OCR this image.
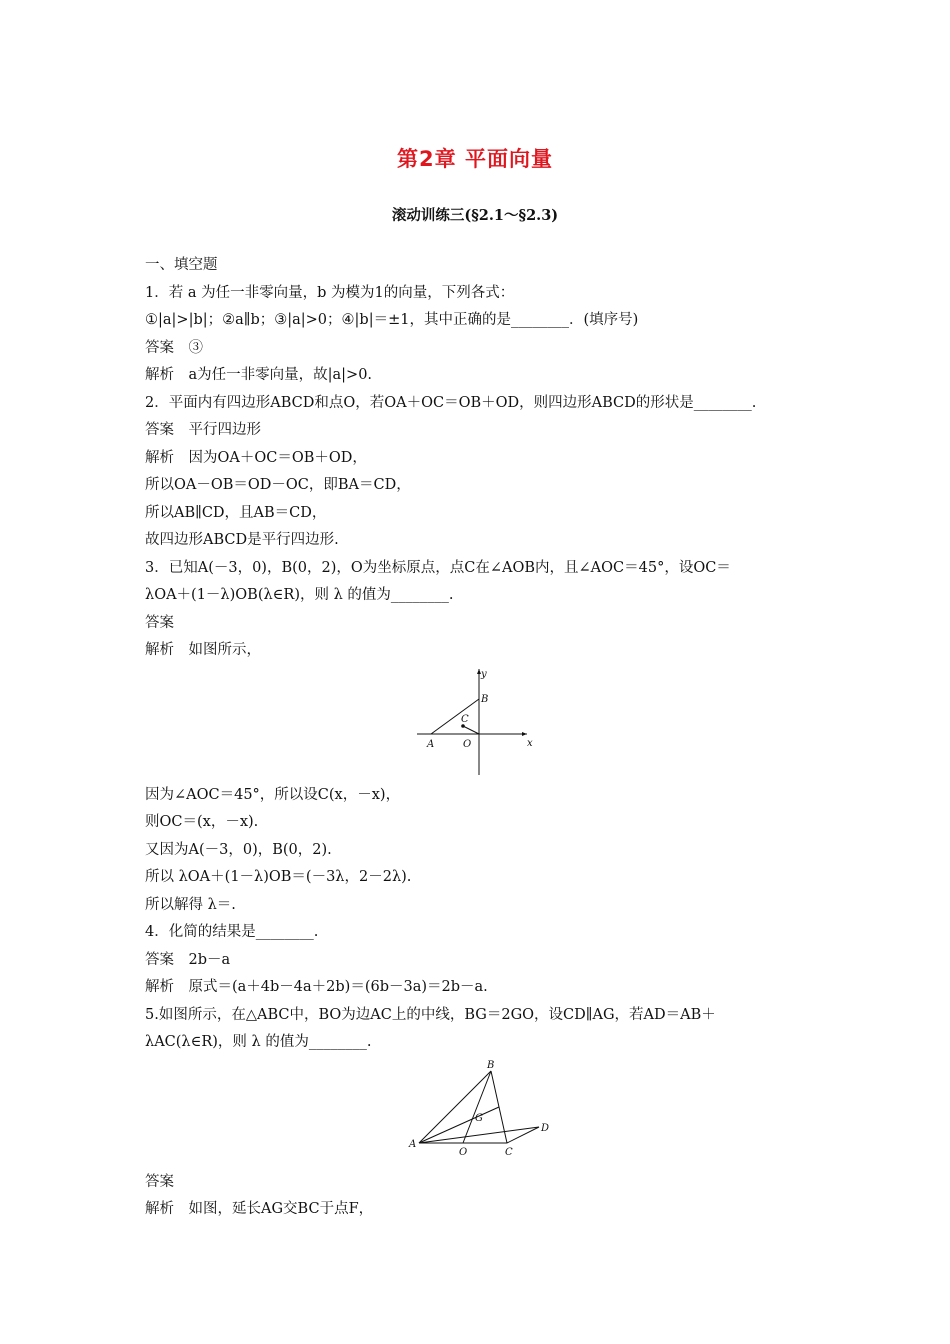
第2章 平面向量
滚动训练三(§2.1～§2.3)
一、填空题
1．若 a 为任一非零向量，b 为模为1的向量，下列各式：
①|a|>|b|；②a∥b；③|a|>0；④|b|＝±1，其中正确的是________．(填序号)
答案　③
解析　a为任一非零向量，故|a|>0.
2．平面内有四边形ABCD和点O，若OA＋OC＝OB＋OD，则四边形ABCD的形状是________.
答案　平行四边形
解析　因为OA＋OC＝OB＋OD，
所以OA－OB＝OD－OC，即BA＝CD，
所以AB∥CD，且AB＝CD，
故四边形ABCD是平行四边形.
3．已知A(－3，0)，B(0，2)，O为坐标原点，点C在∠AOB内，且∠AOC＝45°，设OC＝
λOA＋(1－λ)OB(λ∈R)，则 λ 的值为________.
答案
解析　如图所示，
y
x
B
C
A	O
因为∠AOC＝45°，所以设C(x，－x)，
则OC＝(x，－x).
又因为A(－3，0)，B(0，2).
所以 λOA＋(1－λ)OB＝(－3λ，2－2λ).
所以解得 λ＝.
4．化简的结果是________.
答案　2b－a
解析　原式＝(a＋4b－4a＋2b)＝(6b－3a)＝2b－a.
5.如图所示，在△ABC中，BO为边AC上的中线，BG＝2GO，设CD∥AG，若AD＝AB＋
λAC(λ∈R)，则 λ 的值为________.
B
G
D
A
O	C
答案
解析　如图，延长AG交BC于点F，
